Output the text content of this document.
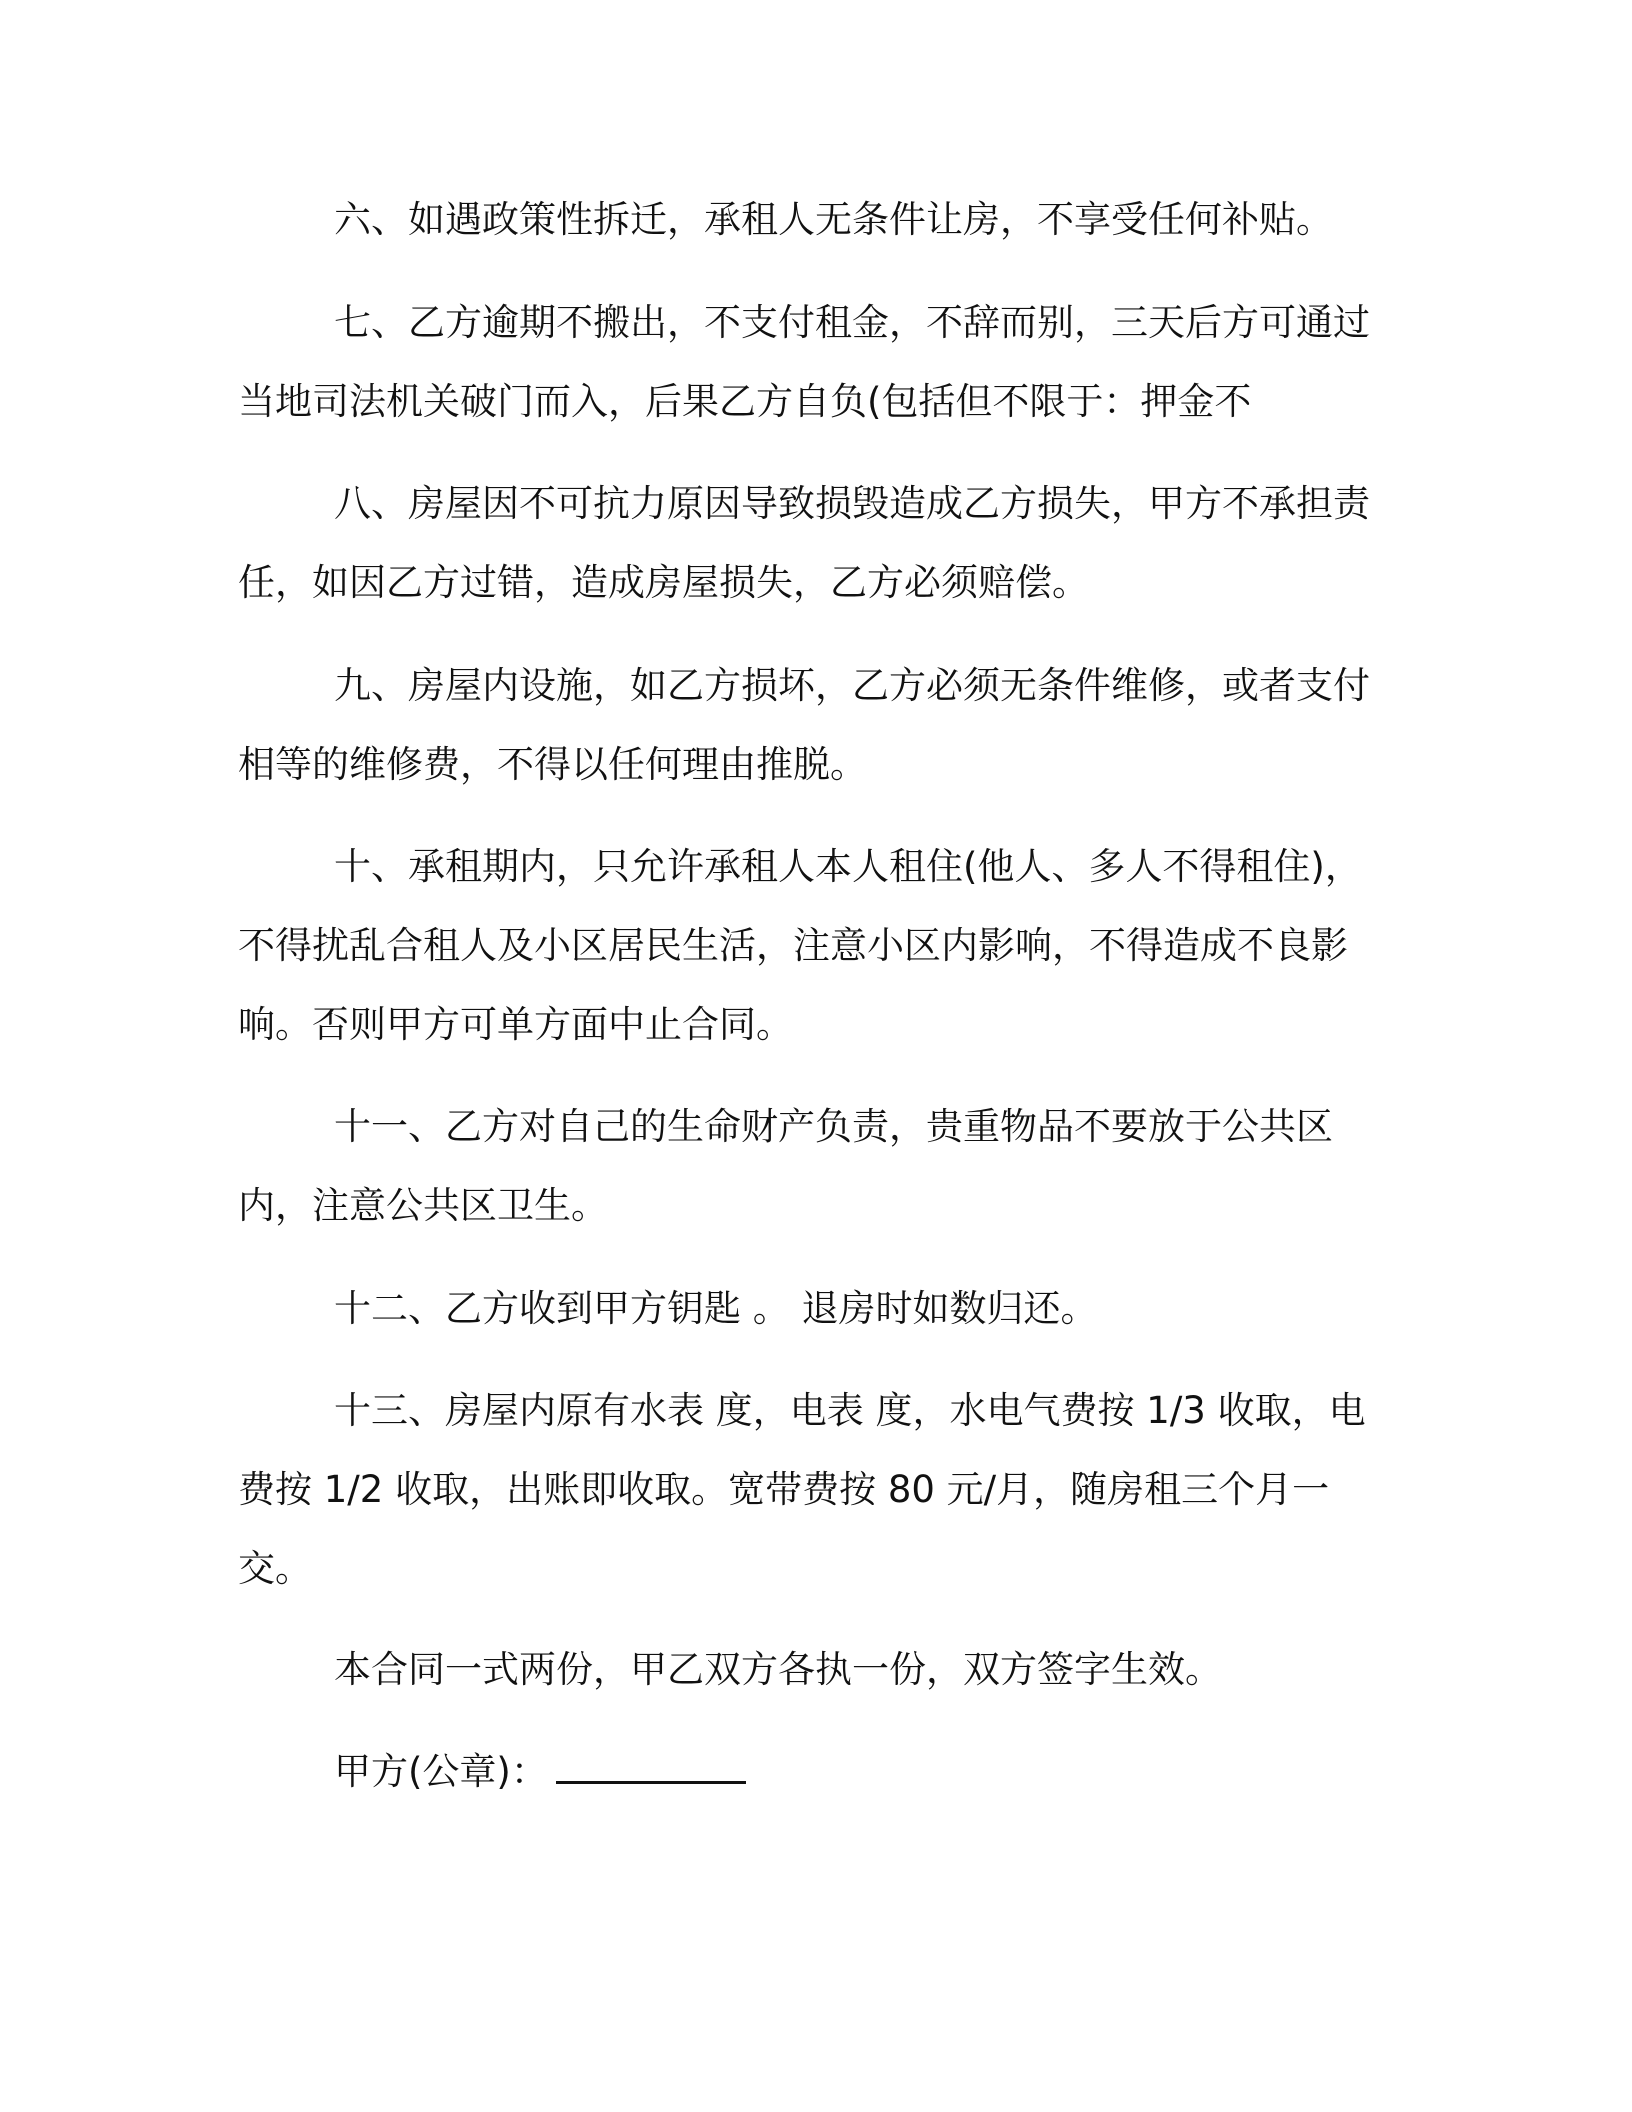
六、如遇政策性拆迁，承租人无条件让房，不享受任何补贴。
七、乙方逾期不搬出，不支付租金，不辞而别，三天后方可通过
当地司法机关破门而入，后果乙方自负(包括但不限于：押金不
八、房屋因不可抗力原因导致损毁造成乙方损失，甲方不承担责
任，如因乙方过错，造成房屋损失，乙方必须赔偿。
九、房屋内设施，如乙方损坏，乙方必须无条件维修，或者支付
相等的维修费，不得以任何理由推脱。
十、承租期内，只允许承租人本人租住(他人、多人不得租住)，
不得扰乱合租人及小区居民生活，注意小区内影响，不得造成不良影
响。否则甲方可单方面中止合同。
十一、乙方对自己的生命财产负责，贵重物品不要放于公共区
内，注意公共区卫生。
十二、乙方收到甲方钥匙 。 退房时如数归还。
十三、房屋内原有水表 度，电表 度，水电气费按 1/3 收取，电
费按 1/2 收取，出账即收取。宽带费按 80 元/月，随房租三个月一
交。
本合同一式两份，甲乙双方各执一份，双方签字生效。
甲方(公章)：
